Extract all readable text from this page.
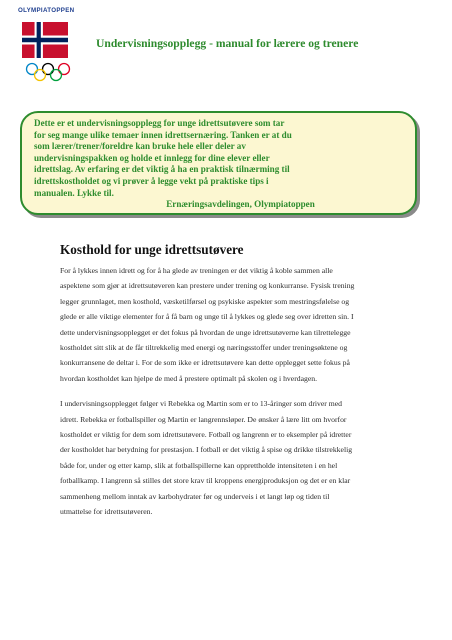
OLYMPIATOPPEN
Undervisningsopplegg - manual for lærere og trenere

Dette er et undervisningsopplegg for unge idrettsutøvere som tar
for seg mange ulike temaer innen idrettsernæring. Tanken er at du
som lærer/trener/foreldre kan bruke hele eller deler av
undervisningspakken og holde et innlegg for dine elever eller
idrettslag. Av erfaring er det viktig å ha en praktisk tilnærming til
idrettskostholdet og vi prøver å legge vekt på praktiske tips i
manualen. Lykke til.
Ernæringsavdelingen, Olympiatoppen

Kosthold for unge idrettsutøvere

For å lykkes innen idrett og for å ha glede av treningen er det viktig å koble sammen alle
aspektene som gjør at idrettsutøveren kan prestere under trening og konkurranse. Fysisk trening
legger grunnlaget, men kosthold, væsketilførsel og psykiske aspekter som mestringsfølelse og
glede er alle viktige elementer for å få barn og unge til å lykkes og glede seg over idretten sin. I
dette undervisningsopplegget er det fokus på hvordan de unge idrettsutøverne kan tilrettelegge
kostholdet sitt slik at de får tiltrekkelig med energi og næringsstoffer under treningsøktene og
konkurransene de deltar i. For de som ikke er idrettsutøvere kan dette opplegget sette fokus på
hvordan kostholdet kan hjelpe de med å prestere optimalt på skolen og i hverdagen.

I undervisningsopplegget følger vi Rebekka og Martin som er to 13-åringer som driver med
idrett. Rebekka er fotballspiller og Martin er langrennsløper. De ønsker å lære litt om hvorfor
kostholdet er viktig for dem som idrettsutøvere. Fotball og langrenn er to eksempler på idretter
der kostholdet har betydning for prestasjon. I fotball er det viktig å spise og drikke tilstrekkelig
både for, under og etter kamp, slik at fotballspillerne kan opprettholde intensiteten i en hel
fotballkamp. I langrenn så stilles det store krav til kroppens energiproduksjon og det er en klar
sammenheng mellom inntak av karbohydrater før og underveis i et langt løp og tiden til
utmattelse for idrettsutøveren.
